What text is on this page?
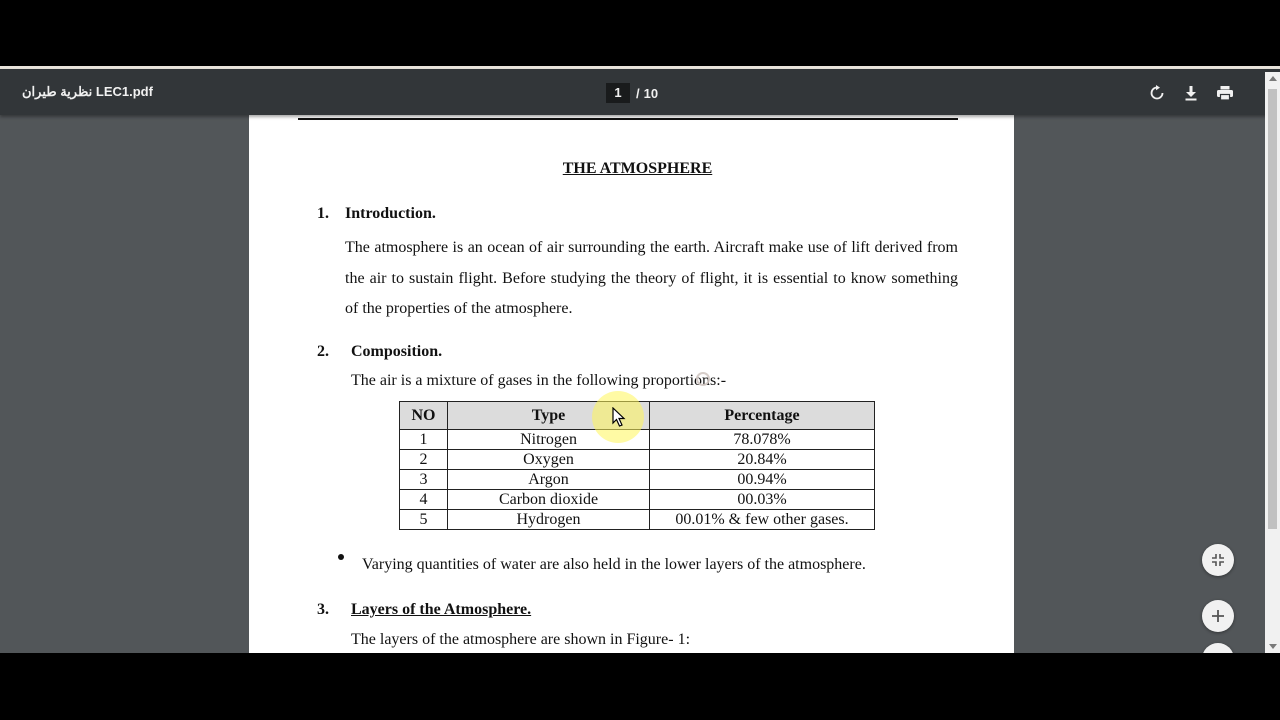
نظرية طيران LEC1.pdf	1	/ 10
THE ATMOSPHERE
1. Introduction.
The atmosphere is an ocean of air surrounding the earth. Aircraft make use of lift derived from the air to sustain flight. Before studying the theory of flight, it is essential to know something of the properties of the atmosphere.
2. Composition.
The air is a mixture of gases in the following proportions:-
NO	Type	Percentage
1	Nitrogen	78.078%
2	Oxygen	20.84%
3	Argon	00.94%
4	Carbon dioxide	00.03%
5	Hydrogen	00.01% & few other gases.
Varying quantities of water are also held in the lower layers of the atmosphere.
3. Layers of the Atmosphere.
The layers of the atmosphere are shown in Figure- 1:
